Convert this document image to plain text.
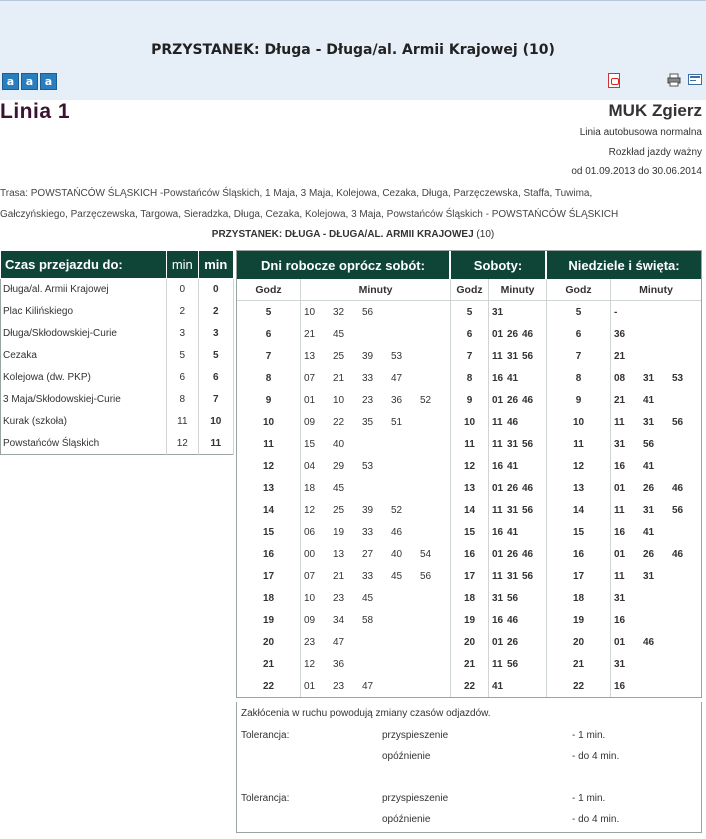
PRZYSTANEK: Długa - Długa/al. Armii Krajowej (10)
a	a	a
Linia 1	MUK Zgierz
Linia autobusowa normalna
Rozkład jazdy ważny
od 01.09.2013 do 30.06.2014
Trasa: POWSTAŃCÓW ŚLĄSKICH -Powstańców Śląskich, 1 Maja, 3 Maja, Kolejowa, Cezaka, Długa, Parzęczewska, Staffa, Tuwima,
Gałczyńskiego, Parzęczewska, Targowa, Sieradzka, Długa, Cezaka, Kolejowa, 3 Maja, Powstańców Śląskich - POWSTAŃCÓW ŚLĄSKICH
PRZYSTANEK: DŁUGA - DŁUGA/AL. ARMII KRAJOWEJ (10)
Czas przejazdu do:	min	min
Długa/al. Armii Krajowej	0	0
Plac Kilińskiego	2	2
Długa/Skłodowskiej-Curie	3	3
Cezaka	5	5
Kolejowa (dw. PKP)	6	6
3 Maja/Skłodowskiej-Curie	8	7
Kurak (szkoła)	11	10
Powstańców Śląskich	12	11
Dni robocze oprócz sobót:	Soboty:	Niedziele i święta:
Godz	Minuty	Godz	Minuty	Godz	Minuty
5	10	32	56	5	31	5	-
6	21	45	6	01 26 46	6	36
7	13	25	39	53	7	11 31 56	7	21
8	07	21	33	47	8	16 41	8	08	31	53
9	01	10	23	36	52	9	01 26 46	9	21	41
10	09	22	35	51	10	11 46	10	11	31	56
11	15	40	11	11 31 56	11	31	56
12	04	29	53	12	16 41	12	16	41
13	18	45	13	01 26 46	13	01	26	46
14	12	25	39	52	14	11 31 56	14	11	31	56
15	06	19	33	46	15	16 41	15	16	41
16	00	13	27	40	54	16	01 26 46	16	01	26	46
17	07	21	33	45	56	17	11 31 56	17	11	31
18	10	23	45	18	31 56	18	31
19	09	34	58	19	16 46	19	16
20	23	47	20	01 26	20	01	46
21	12	36	21	11 56	21	31
22	01	23	47	22	41	22	16
Zakłócenia w ruchu powodują zmiany czasów odjazdów.
Tolerancja:	przyspieszenie	- 1 min.
opóźnienie	- do 4 min.
Tolerancja:	przyspieszenie	- 1 min.
opóźnienie	- do 4 min.
